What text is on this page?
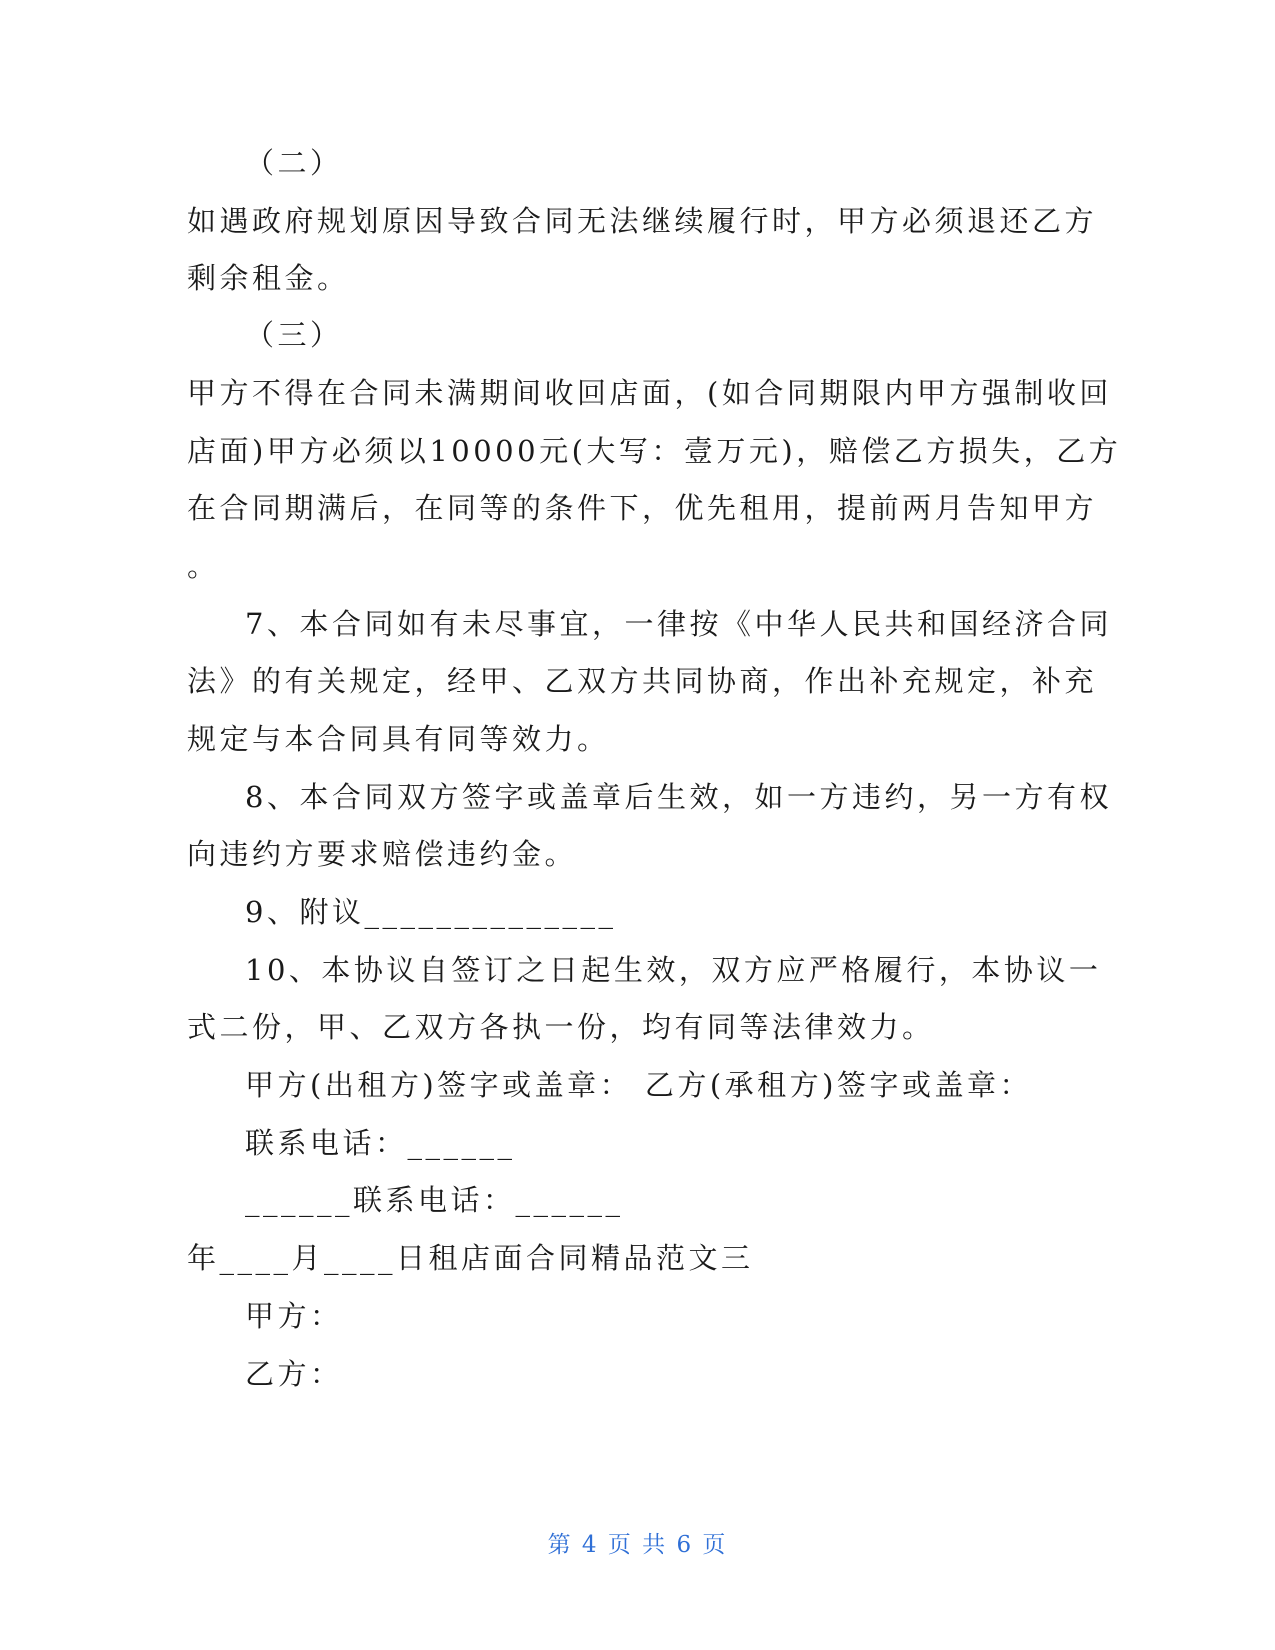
（二）
如遇政府规划原因导致合同无法继续履行时，甲方必须退还乙方
剩余租金。
（三）
甲方不得在合同未满期间收回店面，(如合同期限内甲方强制收回
店面)甲方必须以10000元(大写：壹万元)，赔偿乙方损失，乙方
在合同期满后，在同等的条件下，优先租用，提前两月告知甲方
。
7、本合同如有未尽事宜，一律按《中华人民共和国经济合同
法》的有关规定，经甲、乙双方共同协商，作出补充规定，补充
规定与本合同具有同等效力。
8、本合同双方签字或盖章后生效，如一方违约，另一方有权
向违约方要求赔偿违约金。
9、附议______________
10、本协议自签订之日起生效，双方应严格履行，本协议一
式二份，甲、乙双方各执一份，均有同等法律效力。
甲方(出租方)签字或盖章： 乙方(承租方)签字或盖章：
联系电话：______
______联系电话：______
年____月____日租店面合同精品范文三
甲方：
乙方：
第 4 页 共 6 页
